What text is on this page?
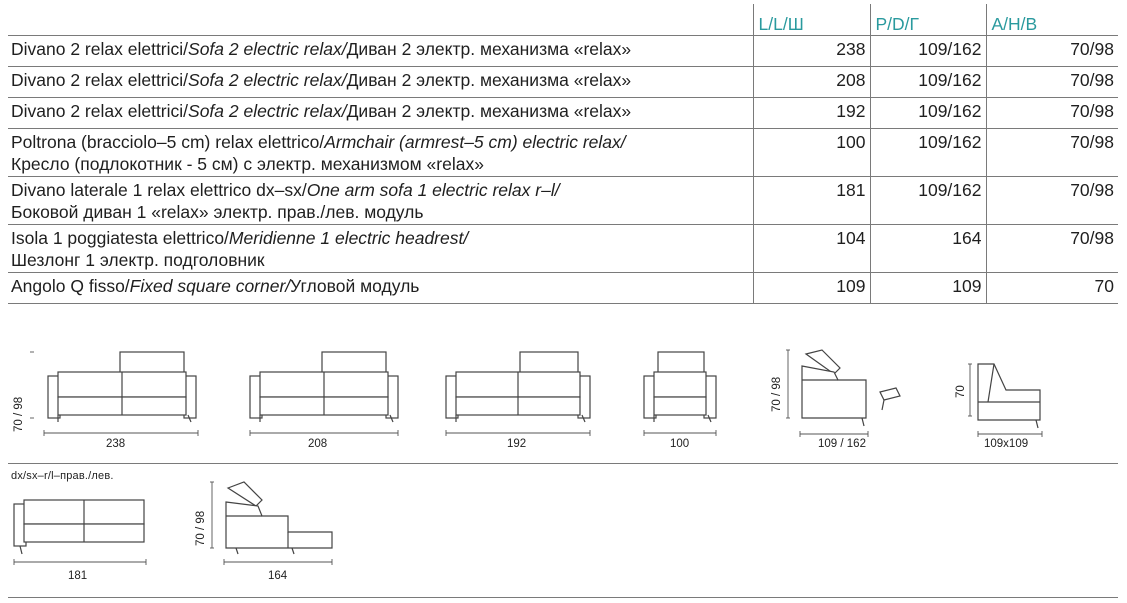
	L/L/Ш	P/D/Г	A/H/B
Divano 2 relax elettrici/Sofa 2 electric relax/Диван 2 электр. механизма «relax»	238	109/162	70/98
Divano 2 relax elettrici/Sofa 2 electric relax/Диван 2 электр. механизма «relax»	208	109/162	70/98
Divano 2 relax elettrici/Sofa 2 electric relax/Диван 2 электр. механизма «relax»	192	109/162	70/98
Poltrona (bracciolo–5 cm) relax elettrico/Armchair (armrest–5 cm) electric relax/
Кресло (подлокотник - 5 см) с электр. механизмом «relax»	100	109/162	70/98
Divano laterale 1 relax elettrico dx–sx/One arm sofa 1 electric relax r–l/
Боковой диван 1 «relax» электр. прав./лев. модуль	181	109/162	70/98
Isola 1 poggiatesta elettrico/Meridienne 1 electric headrest/
Шезлонг 1 электр. подголовник	104	164	70/98
Angolo Q fisso/Fixed square corner/Угловой модуль	109	109	70
70 / 98
238	208	192	100
70 / 98
109 / 162
70
109x109
dx/sx–r/l–прав./лев.
181
70 / 98
164
